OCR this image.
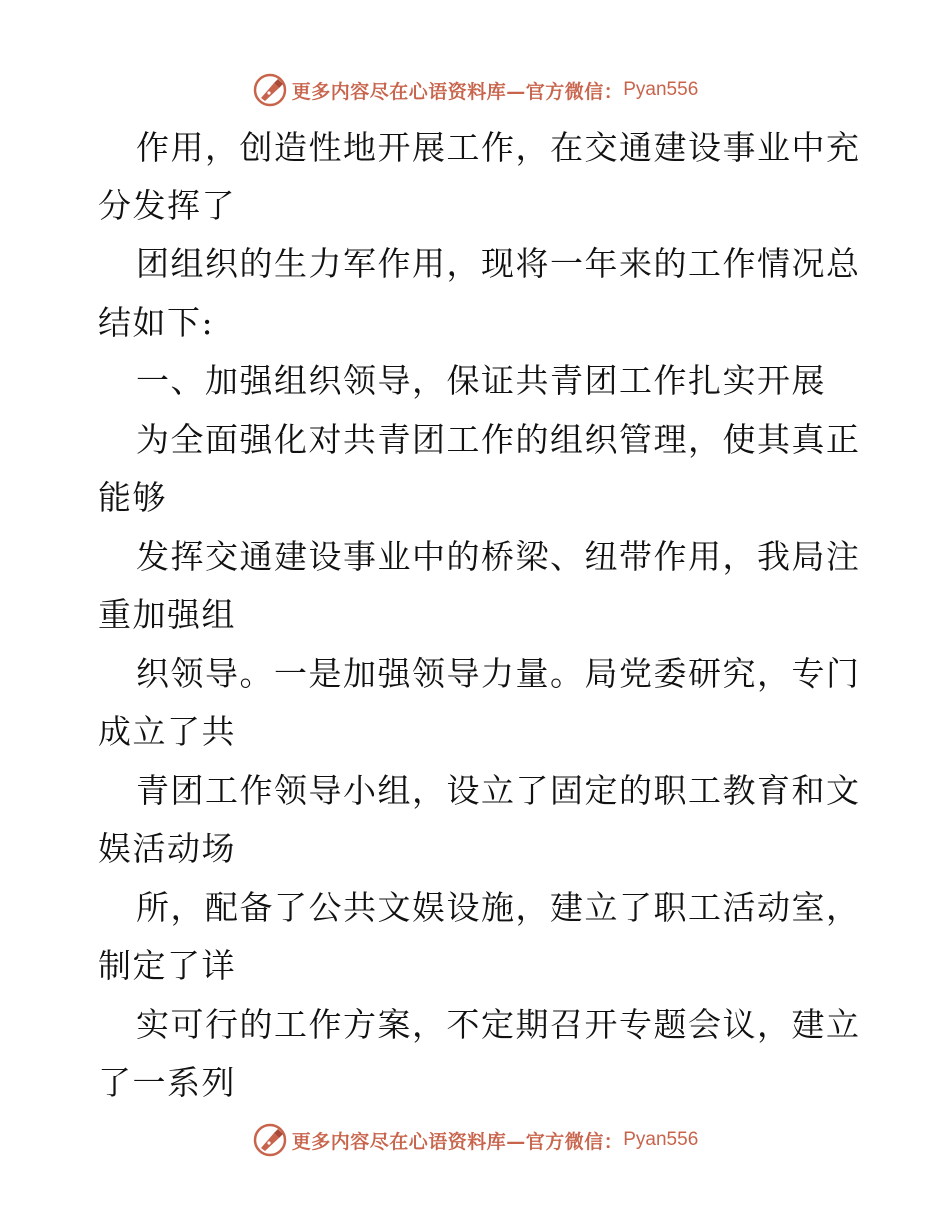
更多内容尽在心语资料库—官方微信： Pyan556
作用，创造性地开展工作，在交通建设事业中充
分发挥了
团组织的生力军作用，现将一年来的工作情况总
结如下:
一、加强组织领导，保证共青团工作扎实开展
为全面强化对共青团工作的组织管理，使其真正
能够
发挥交通建设事业中的桥梁、纽带作用，我局注
重加强组
织领导。一是加强领导力量。局党委研究，专门
成立了共
青团工作领导小组，设立了固定的职工教育和文
娱活动场
所，配备了公共文娱设施，建立了职工活动室，
制定了详
实可行的工作方案，不定期召开专题会议，建立
了一系列
更多内容尽在心语资料库—官方微信： Pyan556
